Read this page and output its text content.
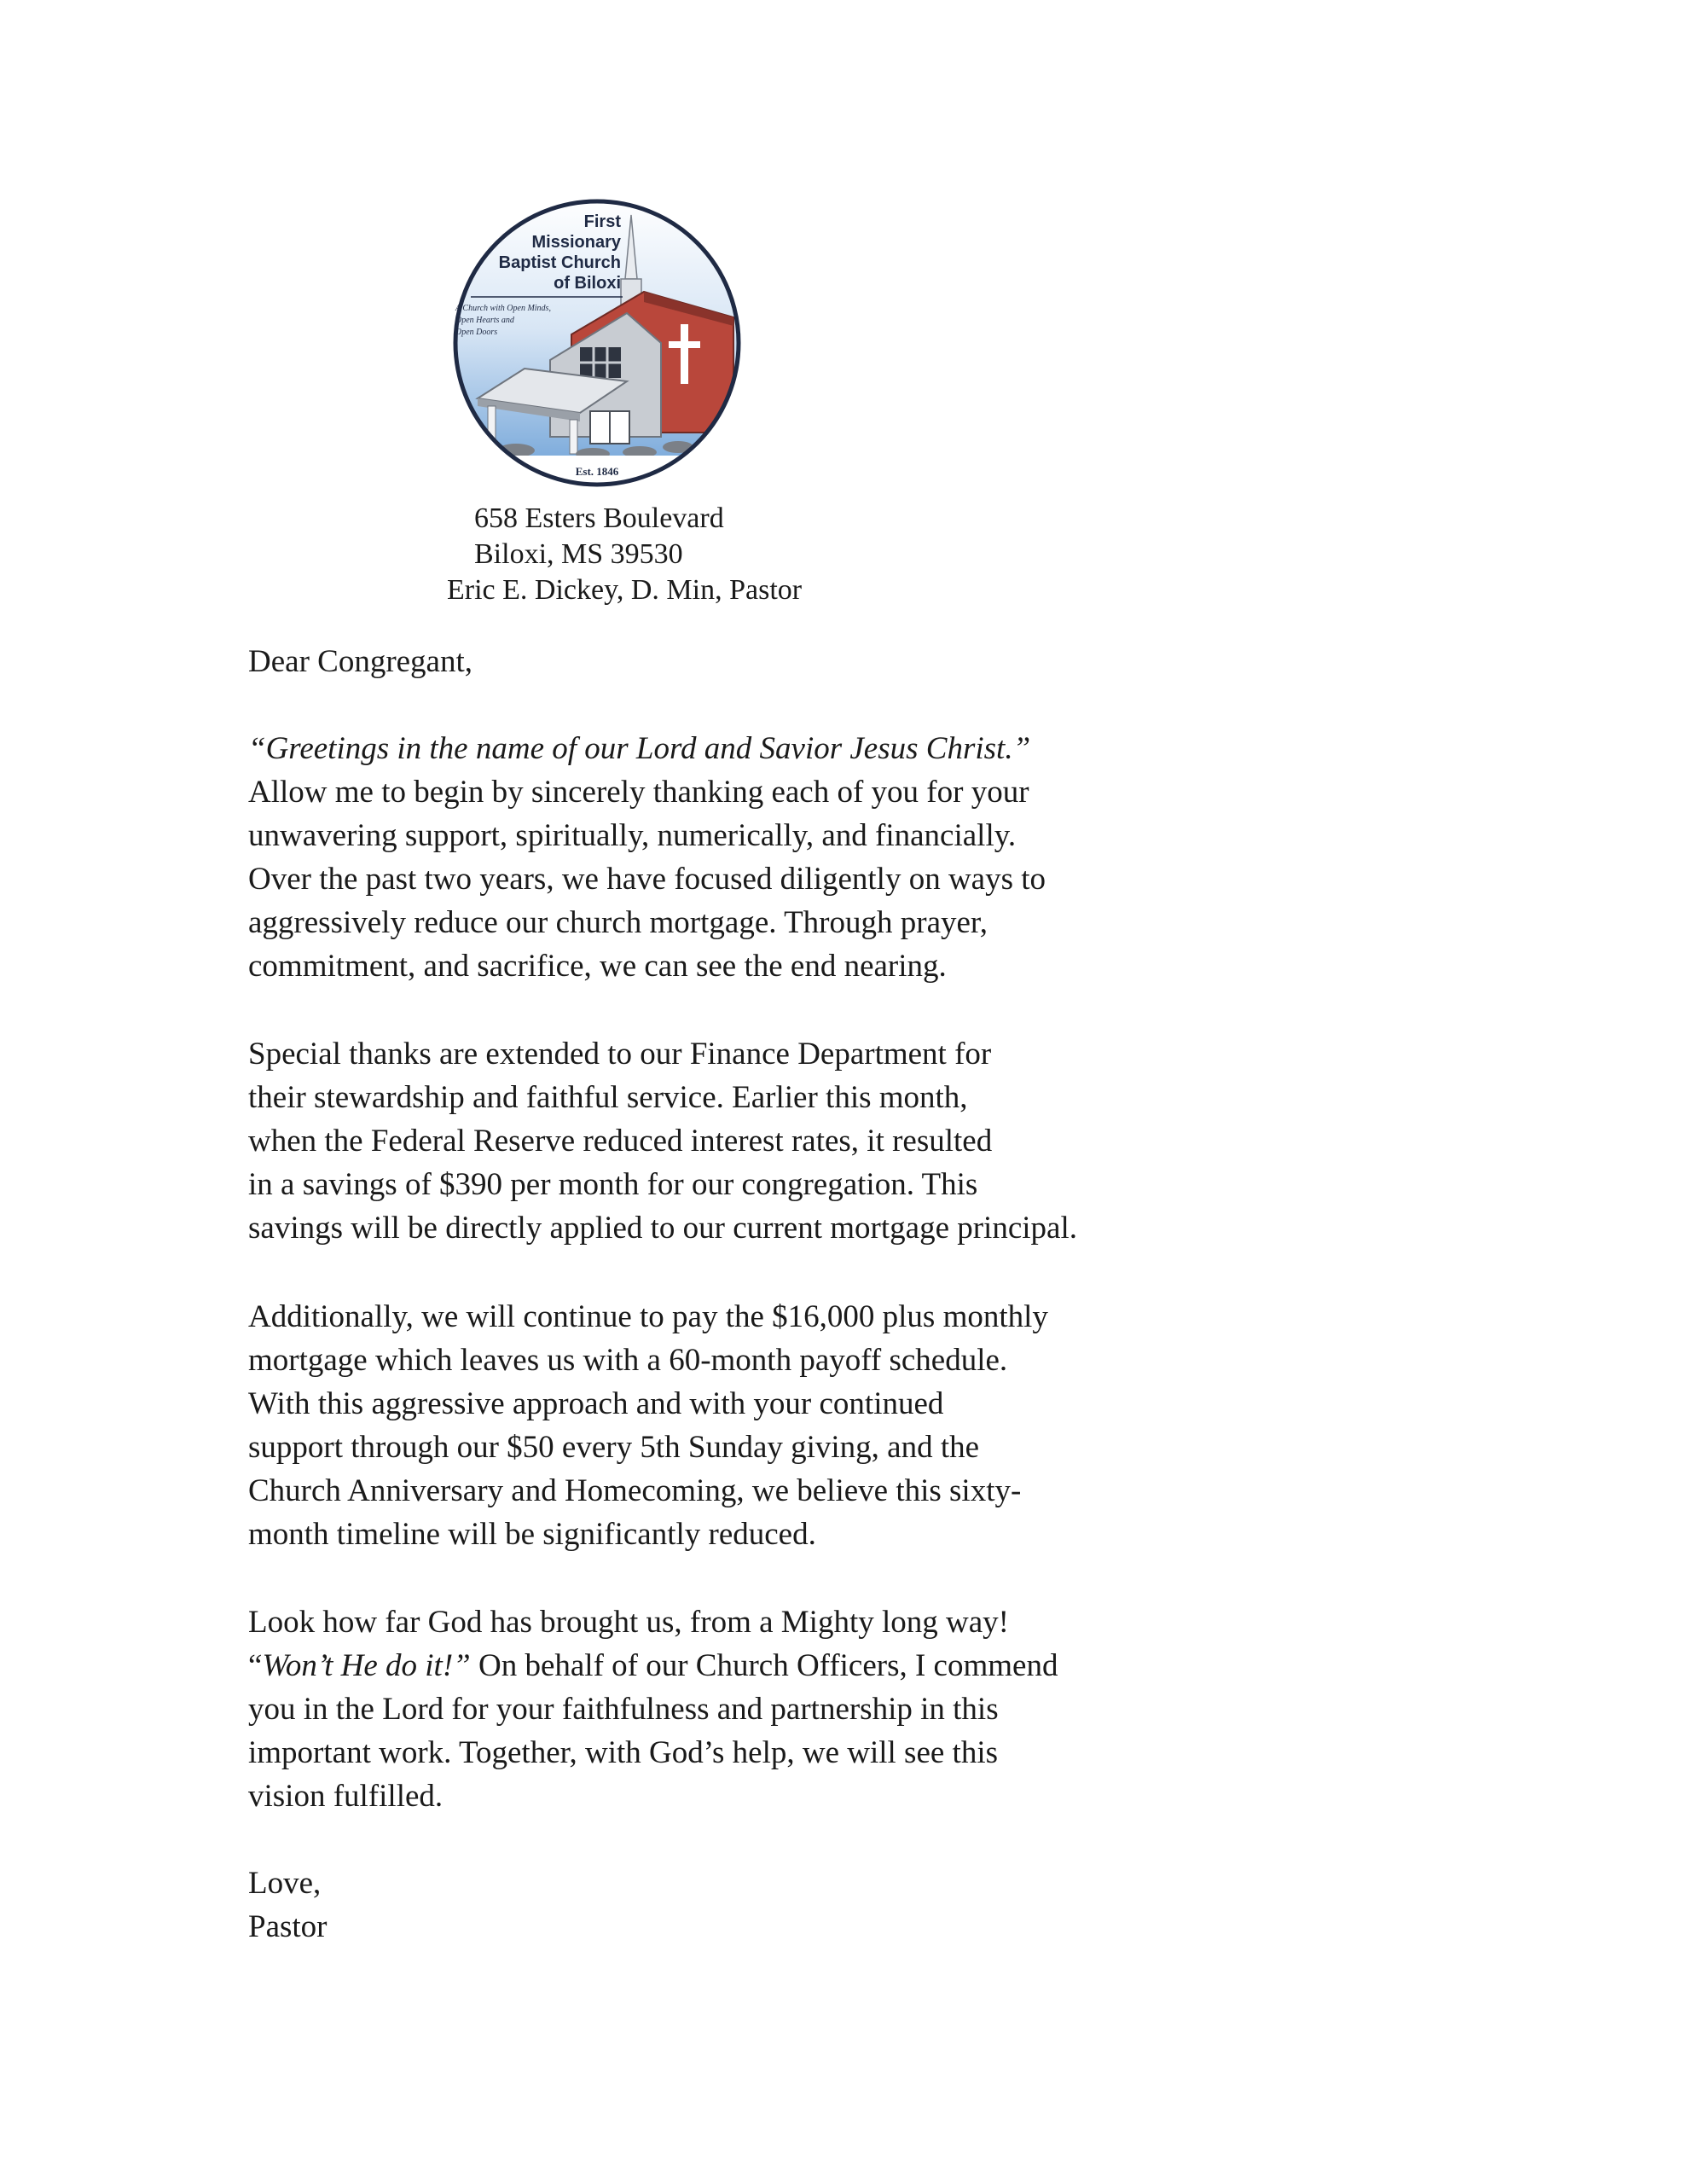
First
Missionary
Baptist Church
of Biloxi
A Church with Open Minds,
Open Hearts and
Open Doors
Est. 1846
658 Esters Boulevard
Biloxi, MS 39530
Eric E. Dickey, D. Min, Pastor
Dear Congregant,
“Greetings in the name of our Lord and Savior Jesus Christ.”
Allow me to begin by sincerely thanking each of you for your
unwavering support, spiritually, numerically, and financially.
Over the past two years, we have focused diligently on ways to
aggressively reduce our church mortgage. Through prayer,
commitment, and sacrifice, we can see the end nearing.
Special thanks are extended to our Finance Department for
their stewardship and faithful service. Earlier this month,
when the Federal Reserve reduced interest rates, it resulted
in a savings of $390 per month for our congregation. This
savings will be directly applied to our current mortgage principal.
Additionally, we will continue to pay the $16,000 plus monthly
mortgage which leaves us with a 60-month payoff schedule.
With this aggressive approach and with your continued
support through our $50 every 5th Sunday giving, and the
Church Anniversary and Homecoming, we believe this sixty-
month timeline will be significantly reduced.
Look how far God has brought us, from a Mighty long way!
“Won’t He do it!” On behalf of our Church Officers, I commend
you in the Lord for your faithfulness and partnership in this
important work. Together, with God’s help, we will see this
vision fulfilled.
Love,
Pastor
